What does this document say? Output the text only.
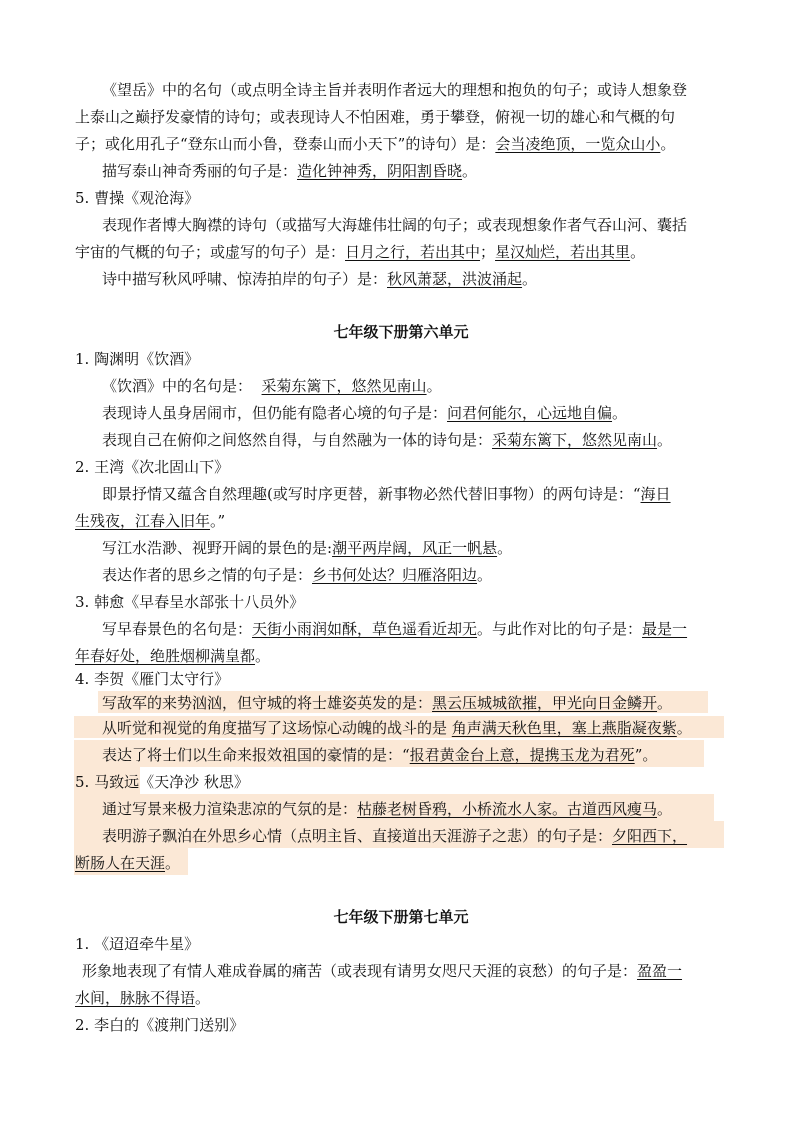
《望岳》中的名句（或点明全诗主旨并表明作者远大的理想和抱负的句子；或诗人想象登
上泰山之巅抒发豪情的诗句；或表现诗人不怕困难，勇于攀登，俯视一切的雄心和气概的句
子；或化用孔子“登东山而小鲁，登泰山而小天下”的诗句）是：会当凌绝顶，一览众山小。
描写泰山神奇秀丽的句子是：造化钟神秀，阴阳割昏晓。
5. 曹操《观沧海》
表现作者博大胸襟的诗句（或描写大海雄伟壮阔的句子；或表现想象作者气吞山河、囊括
宇宙的气概的句子；或虚写的句子）是：日月之行，若出其中；星汉灿烂，若出其里。
诗中描写秋风呼啸、惊涛拍岸的句子）是：秋风萧瑟，洪波涌起。
七年级下册第六单元
1. 陶渊明《饮酒》
《饮酒》中的名句是：  采菊东篱下，悠然见南山。
表现诗人虽身居闹市，但仍能有隐者心境的句子是：问君何能尔，心远地自偏。
表现自己在俯仰之间悠然自得，与自然融为一体的诗句是：采菊东篱下，悠然见南山。
2. 王湾《次北固山下》
即景抒情又蕴含自然理趣(或写时序更替，新事物必然代替旧事物）的两句诗是：“海日
生残夜，江春入旧年。”
写江水浩渺、视野开阔的景色的是:潮平两岸阔，风正一帆悬。
表达作者的思乡之情的句子是：乡书何处达？归雁洛阳边。
3. 韩愈《早春呈水部张十八员外》
写早春景色的名句是：天街小雨润如酥，草色遥看近却无。与此作对比的句子是：最是一
年春好处，绝胜烟柳满皇都。
4. 李贺《雁门太守行》
写敌军的来势汹汹，但守城的将士雄姿英发的是：黑云压城城欲摧，甲光向日金鳞开。
从听觉和视觉的角度描写了这场惊心动魄的战斗的是 角声满天秋色里，塞上燕脂凝夜紫。
表达了将士们以生命来报效祖国的豪情的是：“报君黄金台上意，提携玉龙为君死”。
5. 马致远《天净沙 秋思》
通过写景来极力渲染悲凉的气氛的是：枯藤老树昏鸦，小桥流水人家。古道西风瘦马。
表明游子飘泊在外思乡心情（点明主旨、直接道出天涯游子之悲）的句子是：夕阳西下，
断肠人在天涯。
七年级下册第七单元
1. 《迢迢牵牛星》
形象地表现了有情人难成眷属的痛苦（或表现有请男女咫尺天涯的哀愁）的句子是：盈盈一
水间，脉脉不得语。
2. 李白的《渡荆门送别》
